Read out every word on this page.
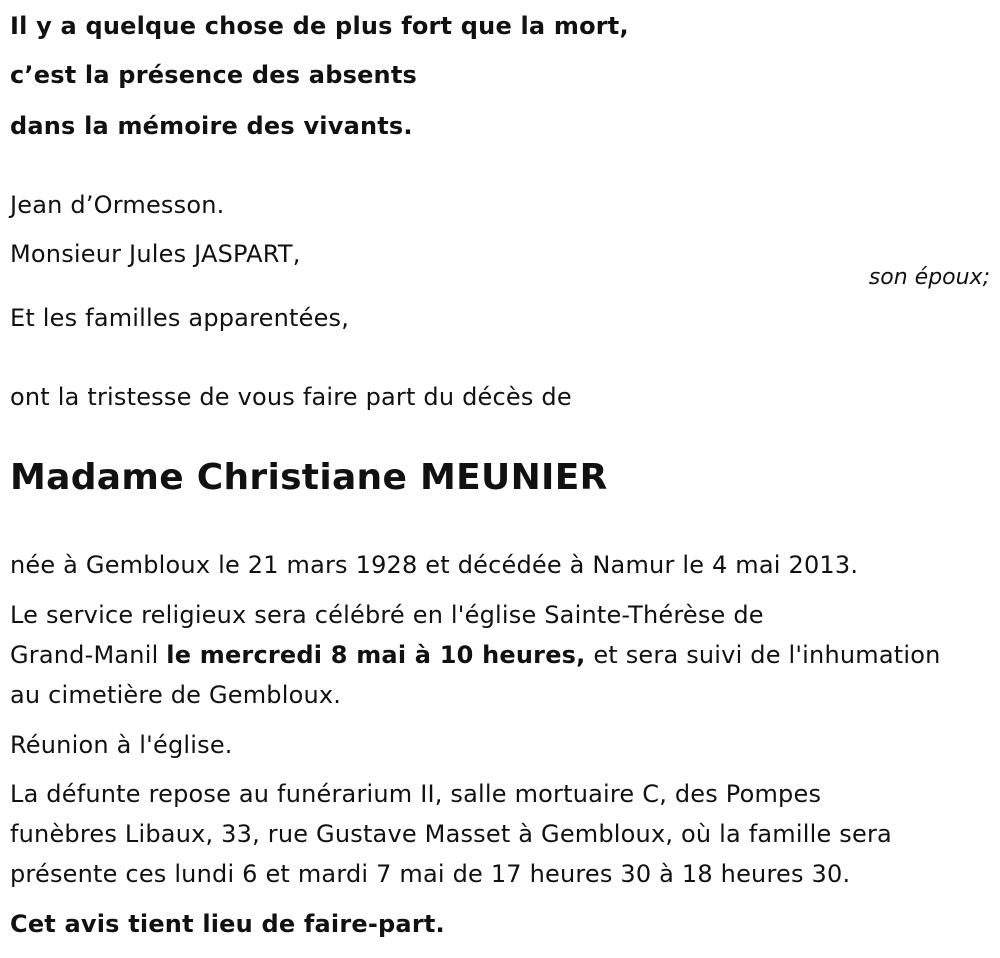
Il y a quelque chose de plus fort que la mort,
c’est la présence des absents
dans la mémoire des vivants.
Jean d’Ormesson.
Monsieur Jules JASPART,
son époux;
Et les familles apparentées,
ont la tristesse de vous faire part du décès de
Madame Christiane MEUNIER
née à Gembloux le 21 mars 1928 et décédée à Namur le 4 mai 2013.
Le service religieux sera célébré en l'église Sainte-Thérèse de
Grand-Manil le mercredi 8 mai à 10 heures, et sera suivi de l'inhumation
au cimetière de Gembloux.
Réunion à l'église.
La défunte repose au funérarium II, salle mortuaire C, des Pompes
funèbres Libaux, 33, rue Gustave Masset à Gembloux, où la famille sera
présente ces lundi 6 et mardi 7 mai de 17 heures 30 à 18 heures 30.
Cet avis tient lieu de faire-part.
